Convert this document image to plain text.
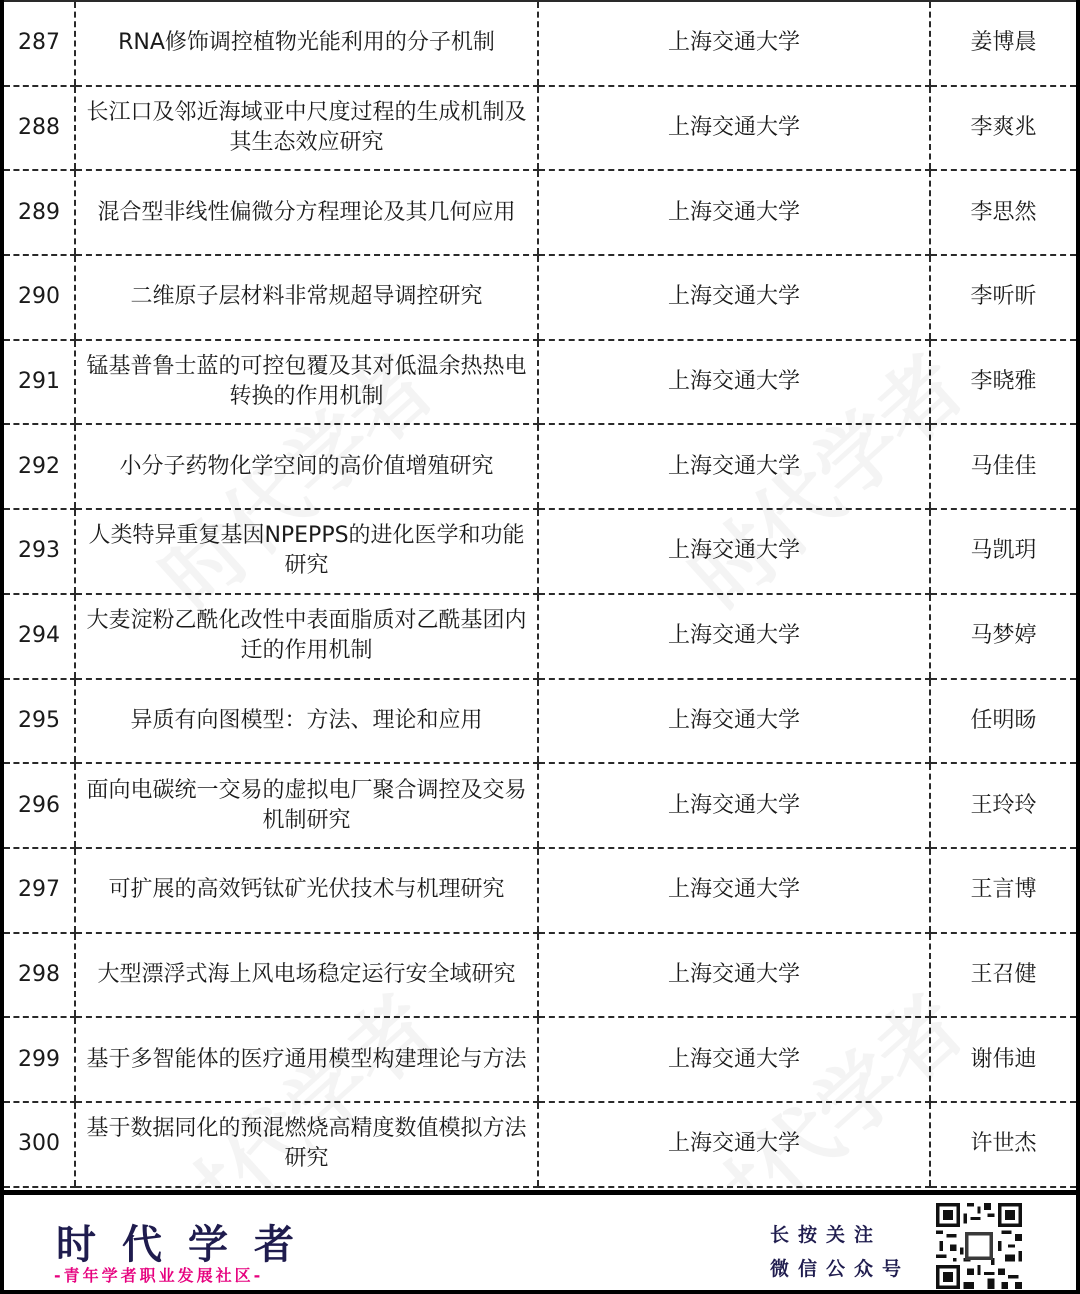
287	RNA修饰调控植物光能利用的分子机制	上海交通大学	姜博晨
288	长江口及邻近海域亚中尺度过程的生成机制及其生态效应研究	上海交通大学	李爽兆
289	混合型非线性偏微分方程理论及其几何应用	上海交通大学	李思然
290	二维原子层材料非常规超导调控研究	上海交通大学	李听昕
291	锰基普鲁士蓝的可控包覆及其对低温余热热电转换的作用机制	上海交通大学	李晓雅
292	小分子药物化学空间的高价值增殖研究	上海交通大学	马佳佳
293	人类特异重复基因NPEPPS的进化医学和功能研究	上海交通大学	马凯玥
294	大麦淀粉乙酰化改性中表面脂质对乙酰基团内迁的作用机制	上海交通大学	马梦婷
295	异质有向图模型：方法、理论和应用	上海交通大学	任明旸
296	面向电碳统一交易的虚拟电厂聚合调控及交易机制研究	上海交通大学	王玲玲
297	可扩展的高效钙钛矿光伏技术与机理研究	上海交通大学	王言博
298	大型漂浮式海上风电场稳定运行安全域研究	上海交通大学	王召健
299	基于多智能体的医疗通用模型构建理论与方法	上海交通大学	谢伟迪
300	基于数据同化的预混燃烧高精度数值模拟方法研究	上海交通大学	许世杰
时代学者
-青年学者职业发展社区-
长按关注
微信公众号
